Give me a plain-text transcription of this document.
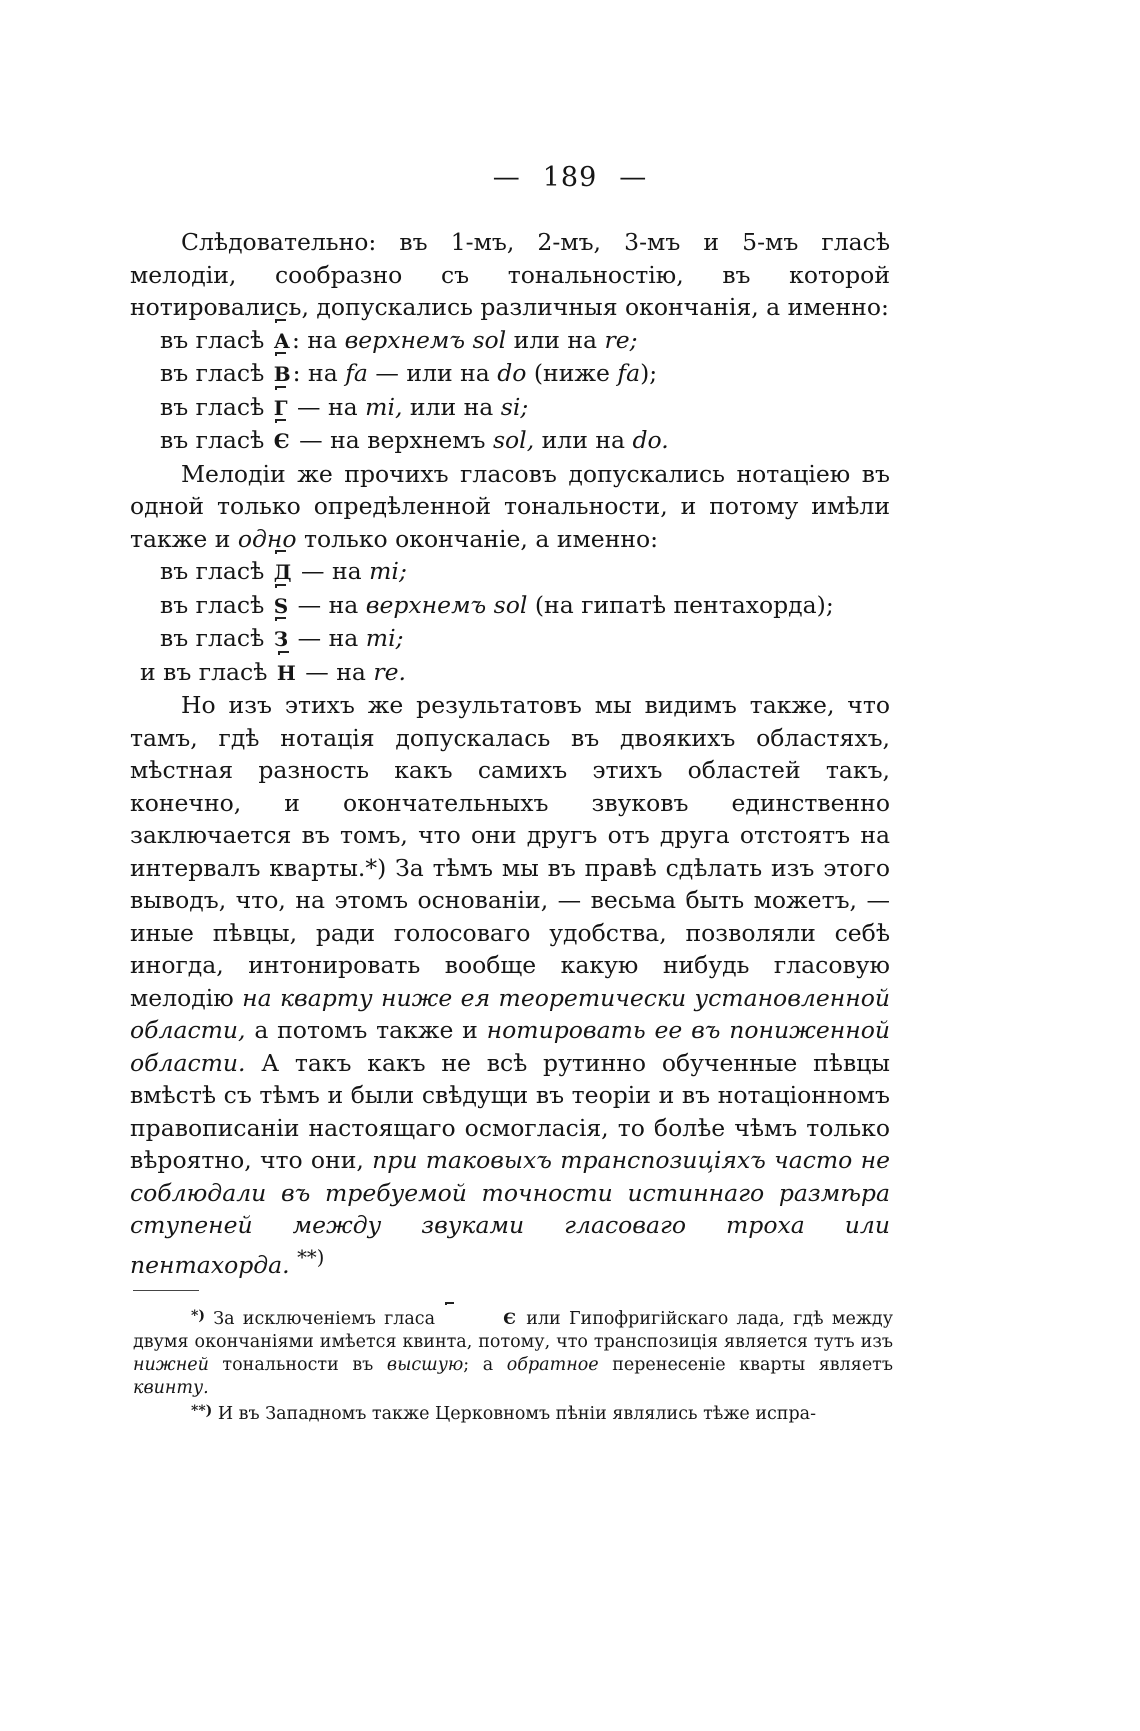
— 189 —

Слѣдовательно: въ 1-мъ, 2-мъ, 3-мъ и 5-мъ гласѣ мелодіи, сообразно съ тональностію, въ которой нотировались, допускались различныя окончанія, а именно:

въ гласѣ А: на верхнемъ sol или на re;
въ гласѣ В: на fa — или на do (ниже fa);
въ гласѣ Г — на mi, или на si;
въ гласѣ Є — на верхнемъ sol, или на do.

Мелодіи же прочихъ гласовъ допускались нотаціею въ одной только опредѣленной тональности, и потому имѣли также и одно только окончаніе, а именно:

въ гласѣ Д — на mi;
въ гласѣ Ѕ — на верхнемъ sol (на гипатѣ пентахорда);
въ гласѣ З — на mi;
и въ гласѣ Н — на re.

Но изъ этихъ же результатовъ мы видимъ также, что тамъ, гдѣ нотація допускалась въ двоякихъ областяхъ, мѣстная разность какъ самихъ этихъ областей такъ, конечно, и окончательныхъ звуковъ единственно заключается въ томъ, что они другъ отъ друга отстоятъ на интервалъ кварты.*) За тѣмъ мы въ правѣ сдѣлать изъ этого выводъ, что, на этомъ основаніи, — весьма быть можетъ, — иные пѣвцы, ради голосоваго удобства, позволяли себѣ иногда, интонировать вообще какую нибудь гласовую мелодію на кварту ниже ея теоретически установленной области, а потомъ также и нотировать ее въ пониженной области. А такъ какъ не всѣ рутинно обученные пѣвцы вмѣстѣ съ тѣмъ и были свѣдущи въ теоріи и въ нотаціонномъ правописаніи настоящаго осмогласія, то болѣе чѣмъ только вѣроятно, что они, при таковыхъ транспозиціяхъ часто не соблюдали въ требуемой точности истиннаго размѣра ступеней между звуками гласоваго троха или пентахорда. **)

*) За исключеніемъ гласа	Є или Гипофригійскаго лада, гдѣ между двумя окончаніями имѣется квинта, потому, что транспозиція является тутъ изъ нижней тональности въ высшую; а обратное перенесеніе кварты являетъ квинту.

**) И въ Западномъ также Церковномъ пѣніи являлись тѣже испра-
